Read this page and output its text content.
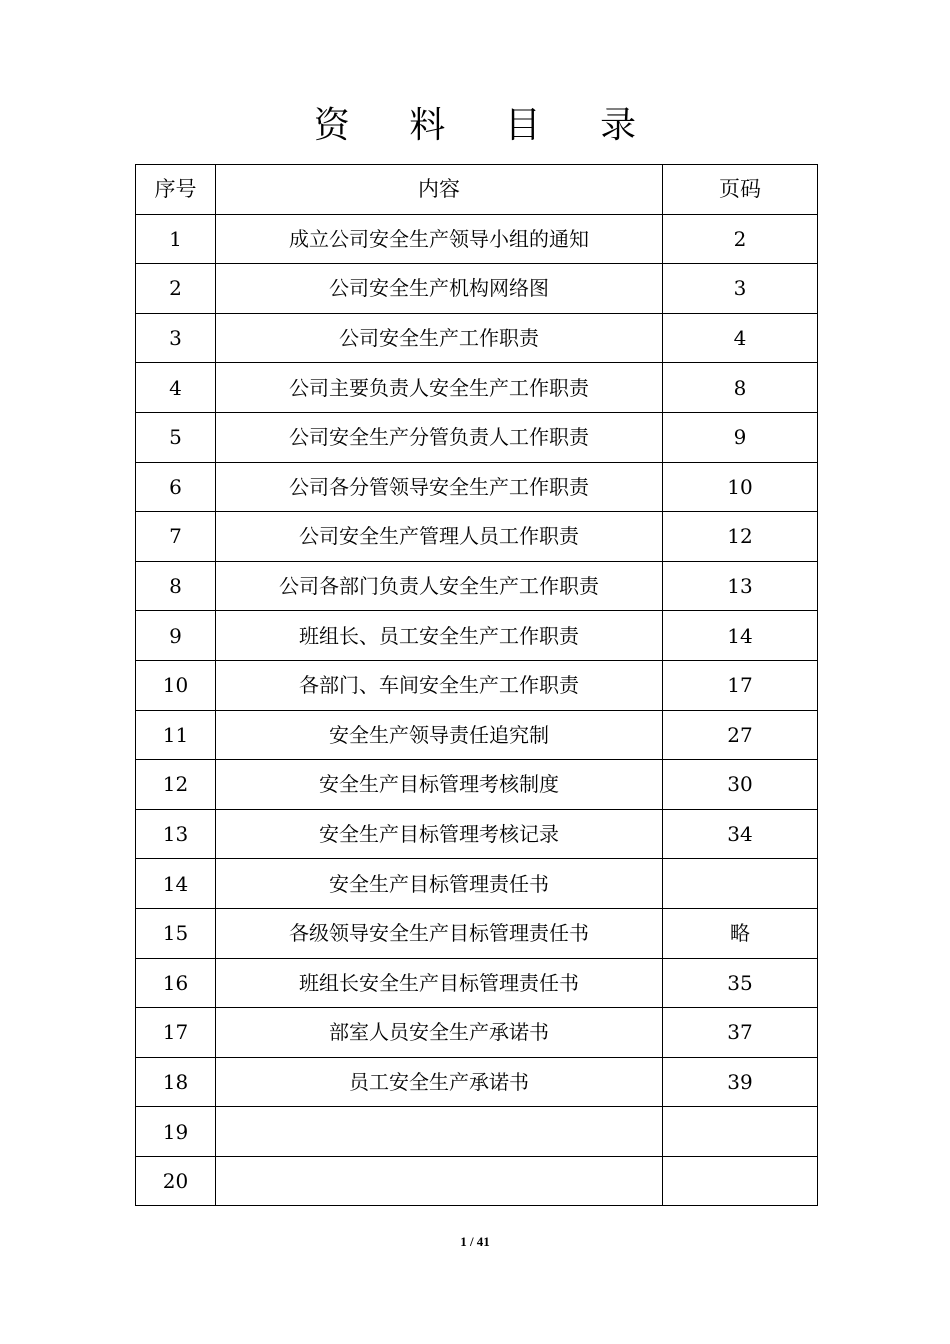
资 料 目 录
序号	内容	页码
1	成立公司安全生产领导小组的通知	2
2	公司安全生产机构网络图	3
3	公司安全生产工作职责	4
4	公司主要负责人安全生产工作职责	8
5	公司安全生产分管负责人工作职责	9
6	公司各分管领导安全生产工作职责	10
7	公司安全生产管理人员工作职责	12
8	公司各部门负责人安全生产工作职责	13
9	班组长、员工安全生产工作职责	14
10	各部门、车间安全生产工作职责	17
11	安全生产领导责任追究制	27
12	安全生产目标管理考核制度	30
13	安全生产目标管理考核记录	34
14	安全生产目标管理责任书	
15	各级领导安全生产目标管理责任书	略
16	班组长安全生产目标管理责任书	35
17	部室人员安全生产承诺书	37
18	员工安全生产承诺书	39
19		
20		
1 / 41
